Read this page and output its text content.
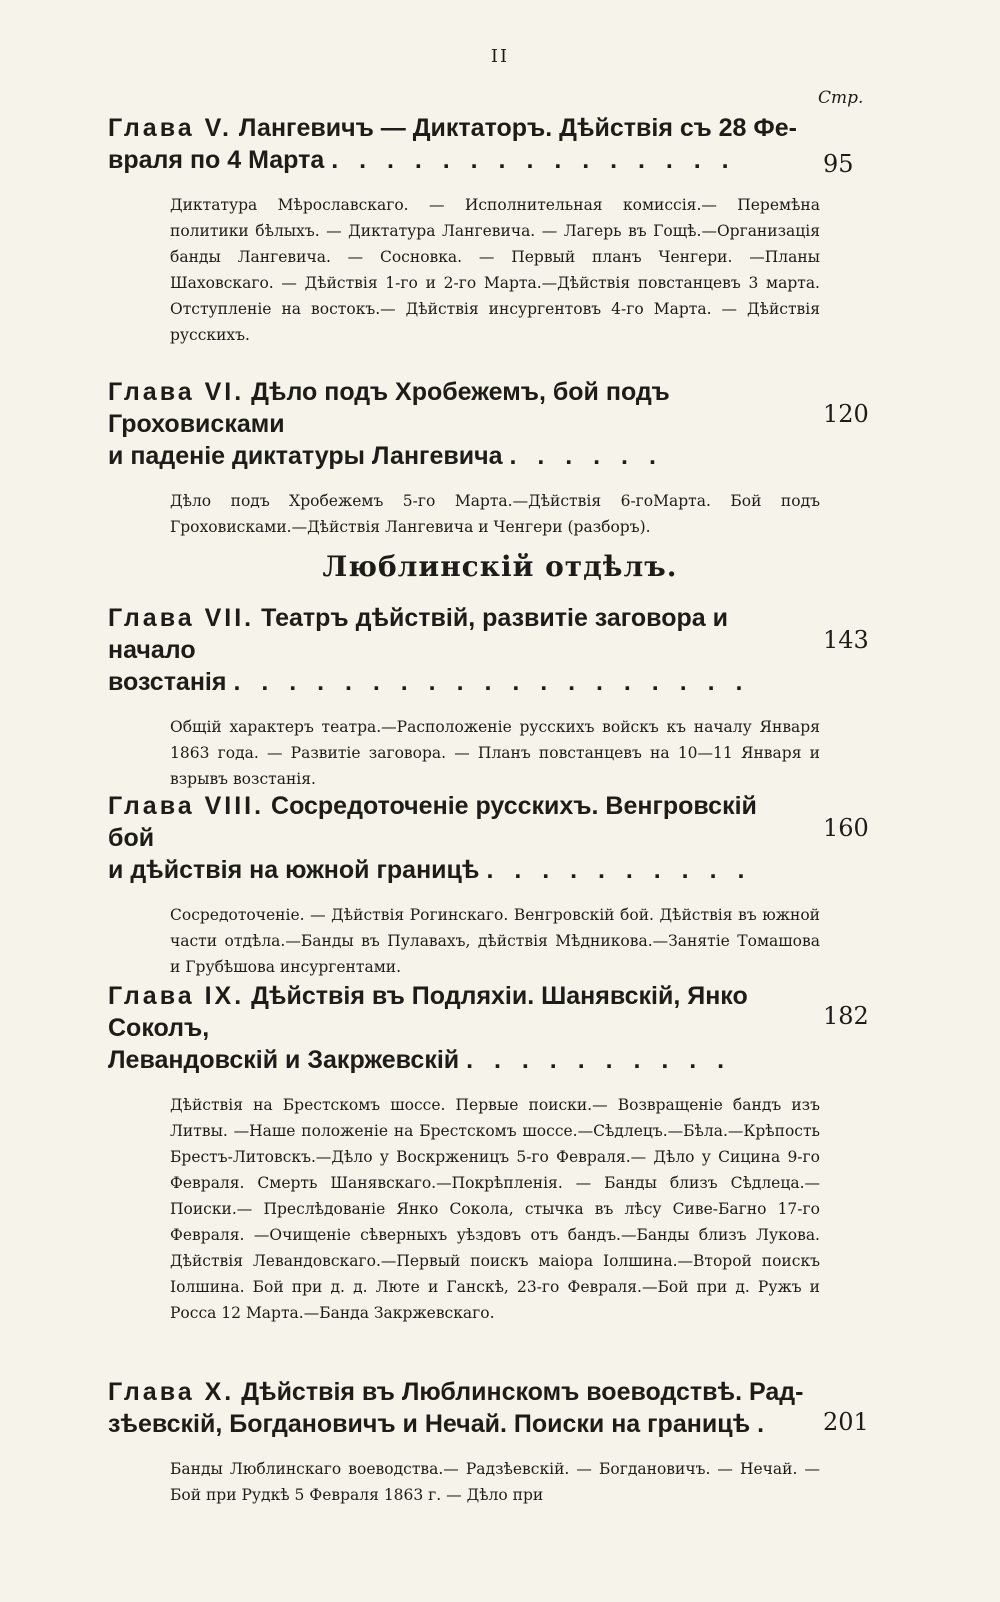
II
Стр.
Глава V. Лангевичъ — Диктаторъ. Дѣйствія съ 28 Фе-
враля по 4 Марта . . . . . . . . . . . . . . .	95
Диктатура Мѣрославскаго. — Исполнительная комиссія.— Перемѣна политики бѣлыхъ. — Диктатура Лангевича. — Лагерь въ Гощѣ.—Организація банды Лангевича. — Сосновка. — Первый планъ Ченгери. —Планы Шаховскаго. — Дѣйствія 1-го и 2-го Марта.—Дѣйствія повстанцевъ 3 марта. Отступленіе на востокъ.— Дѣйствія инсургентовъ 4-го Марта. — Дѣйствія русскихъ.
Глава VI. Дѣло подъ Хробежемъ, бой подъ Гроховисками
и паденіе диктатуры Лангевича . . . . . .
120
Дѣло подъ Хробежемъ 5-го Марта.—Дѣйствія 6-гоМарта. Бой подъ Гроховисками.—Дѣйствія Лангевича и Ченгери (разборъ).
Люблинскій отдѣлъ.
Глава VII. Театръ дѣйствій, развитіе заговора и начало
возстанія . . . . . . . . . . . . . . . . . . .
143
Общій характеръ театра.—Расположеніе русскихъ войскъ къ началу Января 1863 года. — Развитіе заговора. — Планъ повстанцевъ на 10—11 Января и взрывъ возстанія.
Глава VIII. Сосредоточеніе русскихъ. Венгровскій бой
и дѣйствія на южной границѣ . . . . . . . . . .
160
Сосредоточеніе. — Дѣйствія Рогинскаго. Венгровскій бой. Дѣйствія въ южной части отдѣла.—Банды въ Пулавахъ, дѣйствія Мѣдникова.—Занятіе Томашова и Грубѣшова инсургентами.
Глава IX. Дѣйствія въ Подляхіи. Шанявскій, Янко Соколъ,
Левандовскій и Закржевскій . . . . . . . . . .
182
Дѣйствія на Брестскомъ шоссе. Первые поиски.— Возвращеніе бандъ изъ Литвы. —Наше положеніе на Брестскомъ шоссе.—Сѣдлецъ.—Бѣла.—Крѣпость Брестъ-Литовскъ.—Дѣло у Воскрженицъ 5-го Февраля.— Дѣло у Сицина 9-го Февраля. Смерть Шанявскаго.—Покрѣпленія. — Банды близъ Сѣдлеца.—Поиски.— Преслѣдованіе Янко Сокола, стычка въ лѣсу Сиве-Багно 17-го Февраля. —Очищеніе сѣверныхъ уѣздовъ отъ бандъ.—Банды близъ Лукова. Дѣйствія Левандовскаго.—Первый поискъ маіора Іолшина.—Второй поискъ Іолшина. Бой при д. д. Люте и Ганскѣ, 23-го Февраля.—Бой при д. Ружъ и Росса 12 Марта.—Банда Закржевскаго.
Глава X. Дѣйствія въ Люблинскомъ воеводствѣ. Рад-
зѣевскій, Богдановичъ и Нечай. Поиски на границѣ . 201
Банды Люблинскаго воеводства.— Радзѣевскій. — Богдановичъ. — Нечай. — Бой при Рудкѣ 5 Февраля 1863 г. — Дѣло при
